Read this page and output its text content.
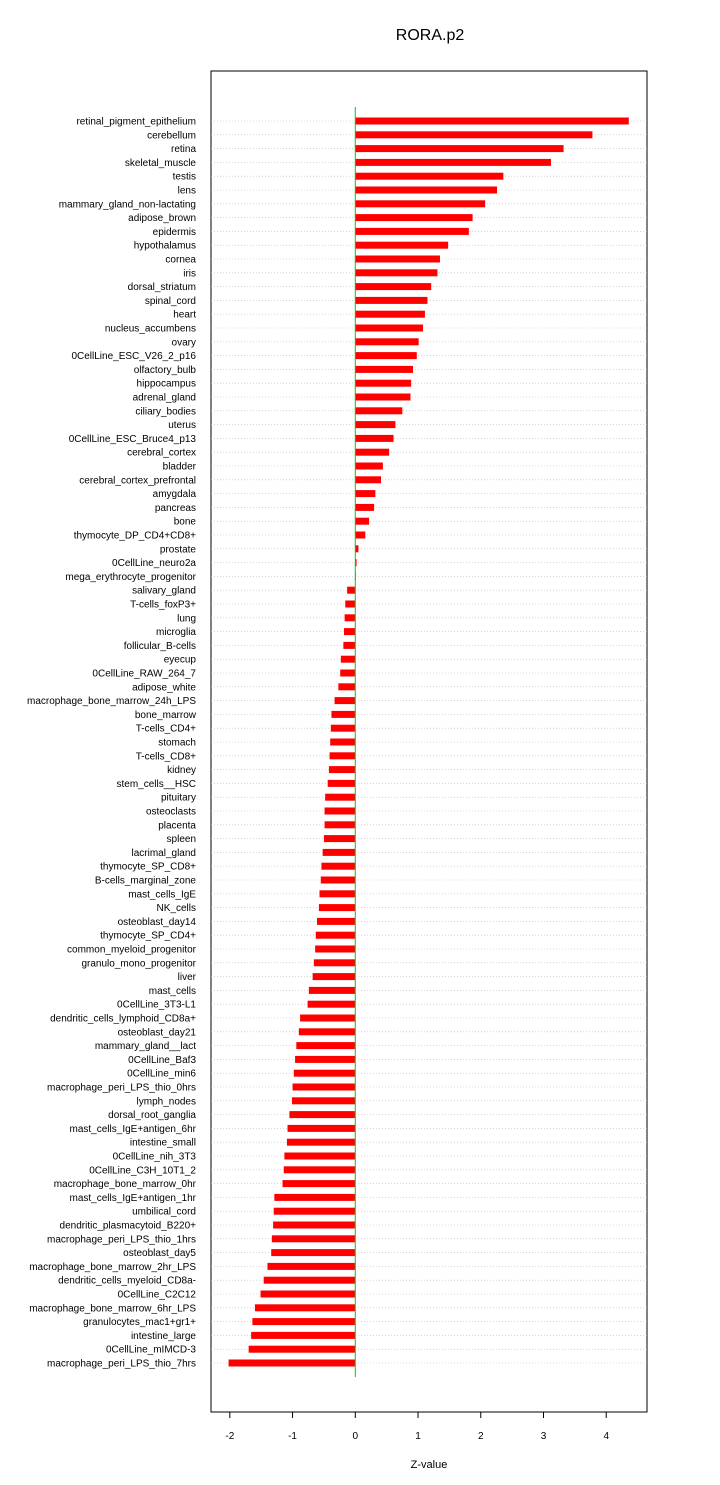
RORA.p2
retinal_pigment_epithelium
cerebellum
retina
skeletal_muscle
testis
lens
mammary_gland_non-lactating
adipose_brown
epidermis
hypothalamus
cornea
iris
dorsal_striatum
spinal_cord
heart
nucleus_accumbens
ovary
0CellLine_ESC_V26_2_p16
olfactory_bulb
hippocampus
adrenal_gland
ciliary_bodies
uterus
0CellLine_ESC_Bruce4_p13
cerebral_cortex
bladder
cerebral_cortex_prefrontal
amygdala
pancreas
bone
thymocyte_DP_CD4+CD8+
prostate
0CellLine_neuro2a
mega_erythrocyte_progenitor
salivary_gland
T-cells_foxP3+
lung
microglia
follicular_B-cells
eyecup
0CellLine_RAW_264_7
adipose_white
macrophage_bone_marrow_24h_LPS
bone_marrow
T-cells_CD4+
stomach
T-cells_CD8+
kidney
stem_cells__HSC
pituitary
osteoclasts
placenta
spleen
lacrimal_gland
thymocyte_SP_CD8+
B-cells_marginal_zone
mast_cells_IgE
NK_cells
osteoblast_day14
thymocyte_SP_CD4+
common_myeloid_progenitor
granulo_mono_progenitor
liver
mast_cells
0CellLine_3T3-L1
dendritic_cells_lymphoid_CD8a+
osteoblast_day21
mammary_gland__lact
0CellLine_Baf3
0CellLine_min6
macrophage_peri_LPS_thio_0hrs
lymph_nodes
dorsal_root_ganglia
mast_cells_IgE+antigen_6hr
intestine_small
0CellLine_nih_3T3
0CellLine_C3H_10T1_2
macrophage_bone_marrow_0hr
mast_cells_IgE+antigen_1hr
umbilical_cord
dendritic_plasmacytoid_B220+
macrophage_peri_LPS_thio_1hrs
osteoblast_day5
macrophage_bone_marrow_2hr_LPS
dendritic_cells_myeloid_CD8a-
0CellLine_C2C12
macrophage_bone_marrow_6hr_LPS
granulocytes_mac1+gr1+
intestine_large
0CellLine_mIMCD-3
macrophage_peri_LPS_thio_7hrs
-2	-1	0	1	2	3	4
Z-value
